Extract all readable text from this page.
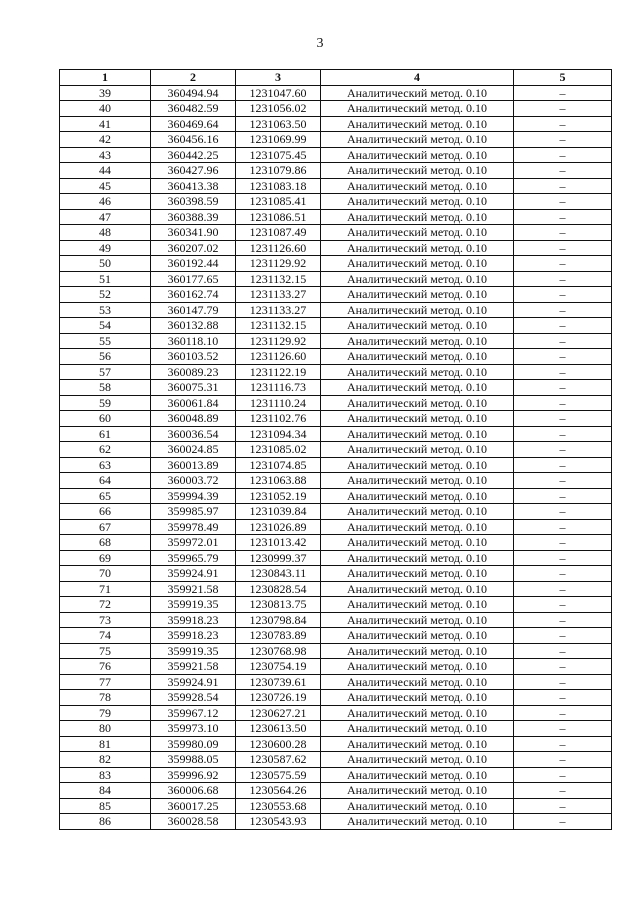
3
1	2	3	4	5
39	360494.94	1231047.60	Аналитический метод. 0.10	–
40	360482.59	1231056.02	Аналитический метод. 0.10	–
41	360469.64	1231063.50	Аналитический метод. 0.10	–
42	360456.16	1231069.99	Аналитический метод. 0.10	–
43	360442.25	1231075.45	Аналитический метод. 0.10	–
44	360427.96	1231079.86	Аналитический метод. 0.10	–
45	360413.38	1231083.18	Аналитический метод. 0.10	–
46	360398.59	1231085.41	Аналитический метод. 0.10	–
47	360388.39	1231086.51	Аналитический метод. 0.10	–
48	360341.90	1231087.49	Аналитический метод. 0.10	–
49	360207.02	1231126.60	Аналитический метод. 0.10	–
50	360192.44	1231129.92	Аналитический метод. 0.10	–
51	360177.65	1231132.15	Аналитический метод. 0.10	–
52	360162.74	1231133.27	Аналитический метод. 0.10	–
53	360147.79	1231133.27	Аналитический метод. 0.10	–
54	360132.88	1231132.15	Аналитический метод. 0.10	–
55	360118.10	1231129.92	Аналитический метод. 0.10	–
56	360103.52	1231126.60	Аналитический метод. 0.10	–
57	360089.23	1231122.19	Аналитический метод. 0.10	–
58	360075.31	1231116.73	Аналитический метод. 0.10	–
59	360061.84	1231110.24	Аналитический метод. 0.10	–
60	360048.89	1231102.76	Аналитический метод. 0.10	–
61	360036.54	1231094.34	Аналитический метод. 0.10	–
62	360024.85	1231085.02	Аналитический метод. 0.10	–
63	360013.89	1231074.85	Аналитический метод. 0.10	–
64	360003.72	1231063.88	Аналитический метод. 0.10	–
65	359994.39	1231052.19	Аналитический метод. 0.10	–
66	359985.97	1231039.84	Аналитический метод. 0.10	–
67	359978.49	1231026.89	Аналитический метод. 0.10	–
68	359972.01	1231013.42	Аналитический метод. 0.10	–
69	359965.79	1230999.37	Аналитический метод. 0.10	–
70	359924.91	1230843.11	Аналитический метод. 0.10	–
71	359921.58	1230828.54	Аналитический метод. 0.10	–
72	359919.35	1230813.75	Аналитический метод. 0.10	–
73	359918.23	1230798.84	Аналитический метод. 0.10	–
74	359918.23	1230783.89	Аналитический метод. 0.10	–
75	359919.35	1230768.98	Аналитический метод. 0.10	–
76	359921.58	1230754.19	Аналитический метод. 0.10	–
77	359924.91	1230739.61	Аналитический метод. 0.10	–
78	359928.54	1230726.19	Аналитический метод. 0.10	–
79	359967.12	1230627.21	Аналитический метод. 0.10	–
80	359973.10	1230613.50	Аналитический метод. 0.10	–
81	359980.09	1230600.28	Аналитический метод. 0.10	–
82	359988.05	1230587.62	Аналитический метод. 0.10	–
83	359996.92	1230575.59	Аналитический метод. 0.10	–
84	360006.68	1230564.26	Аналитический метод. 0.10	–
85	360017.25	1230553.68	Аналитический метод. 0.10	–
86	360028.58	1230543.93	Аналитический метод. 0.10	–
